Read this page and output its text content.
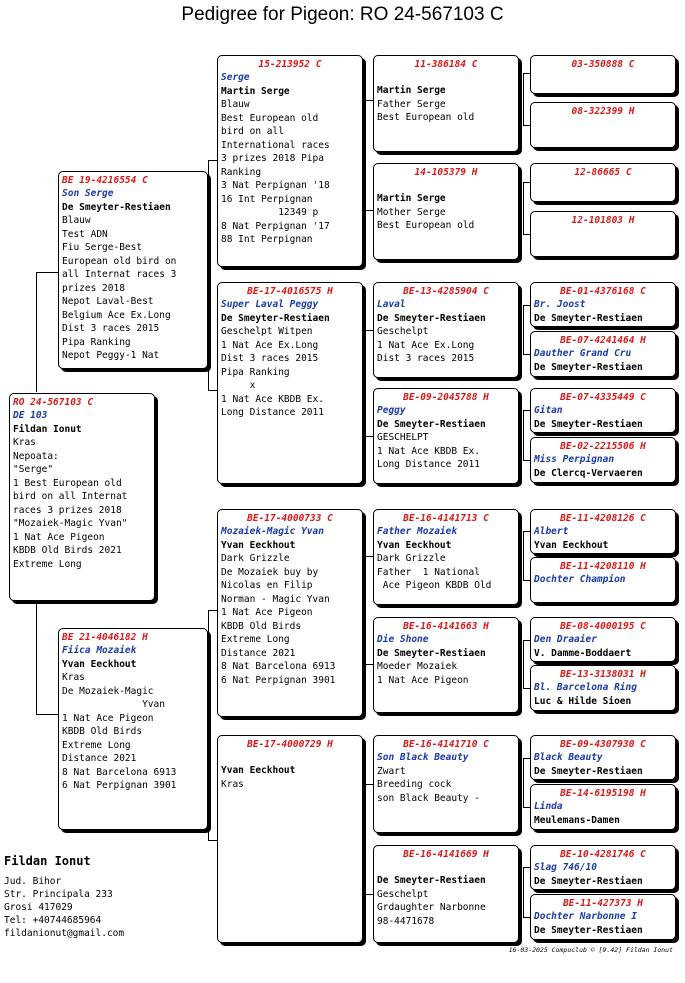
Pedigree for Pigeon: RO 24-567103 C
RO 24-567103 C
DE 103
Fildan Ionut
Kras
Nepoata:
"Serge"
1 Best European old
bird on all Internat
races 3 prizes 2018
"Mozaiek-Magic Yvan"
1 Nat Ace Pigeon
KBDB Old Birds 2021
Extreme Long
BE 19-4216554 C
Son Serge
De Smeyter-Restiaen
Blauw
Test ADN
Fiu Serge-Best
European old bird on
all Internat races 3
prizes 2018
Nepot Laval-Best
Belgium Ace Ex.Long
Dist 3 races 2015
Pipa Ranking
Nepot Peggy-1 Nat
BE 21-4046182 H
Fiica Mozaiek
Yvan Eeckhout
Kras
De Mozaiek-Magic
Yvan
1 Nat Ace Pigeon
KBDB Old Birds
Extreme Long
Distance 2021
8 Nat Barcelona 6913
6 Nat Perpignan 3901
15-213952 C
Serge
Martin Serge
Blauw
Best European old
bird on all
International races
3 prizes 2018 Pipa
Ranking
3 Nat Perpignan '18
16 Int Perpignan
12349 p
8 Nat Perpignan '17
88 Int Perpignan
BE-17-4016575 H
Super Laval Peggy
De Smeyter-Restiaen
Geschelpt Witpen
1 Nat Ace Ex.Long
Dist 3 races 2015
Pipa Ranking
x
1 Nat Ace KBDB Ex.
Long Distance 2011
BE-17-4000733 C
Mozaiek-Magic Yvan
Yvan Eeckhout
Dark Grizzle
De Mozaiek buy by
Nicolas en Filip
Norman - Magic Yvan
1 Nat Ace Pigeon
KBDB Old Birds
Extreme Long
Distance 2021
8 Nat Barcelona 6913
6 Nat Perpignan 3901
BE-17-4000729 H
Yvan Eeckhout
Kras
11-386184 C
Martin Serge
Father Serge
Best European old
14-105379 H
Martin Serge
Mother Serge
Best European old
BE-13-4285904 C
Laval
De Smeyter-Restiaen
Geschelpt
1 Nat Ace Ex.Long
Dist 3 races 2015
BE-09-2045788 H
Peggy
De Smeyter-Restiaen
GESCHELPT
1 Nat Ace KBDB Ex.
Long Distance 2011
BE-16-4141713 C
Father Mozaiek
Yvan Eeckhout
Dark Grizzle
Father  1 National
Ace Pigeon KBDB Old
BE-16-4141663 H
Die Shone
De Smeyter-Restiaen
Moeder Mozaiek
1 Nat Ace Pigeon
BE-16-4141710 C
Son Black Beauty
Zwart
Breeding cock
son Black Beauty -
BE-16-4141669 H
De Smeyter-Restiaen
Geschelpt
Grdaughter Narbonne
98-4471678
03-350888 C
08-322399 H
12-86665 C
12-101803 H
BE-01-4376168 C
Br. Joost
De Smeyter-Restiaen
BE-07-4241464 H
Dauther Grand Cru
De Smeyter-Restiaen
BE-07-4335449 C
Gitan
De Smeyter-Restiaen
BE-02-2215506 H
Miss Perpignan
De Clercq-Vervaeren
BE-11-4208126 C
Albert
Yvan Eeckhout
BE-11-4208110 H
Dochter Champion
BE-08-4000195 C
Den Draaier
V. Damme-Boddaert
BE-13-3138031 H
Bl. Barcelona Ring
Luc & Hilde Sioen
BE-09-4307930 C
Black Beauty
De Smeyter-Restiaen
BE-14-6195198 H
Linda
Meulemans-Damen
BE-10-4281746 C
Slag 746/10
De Smeyter-Restiaen
BE-11-427373 H
Dochter Narbonne I
De Smeyter-Restiaen
Fildan Ionut
Jud. Bihor
Str. Principala 233
Grosi 417029
Tel: +40744685964
fildanionut@gmail.com
16-03-2025 Compuclub © [9.42] Fildan Ionut
